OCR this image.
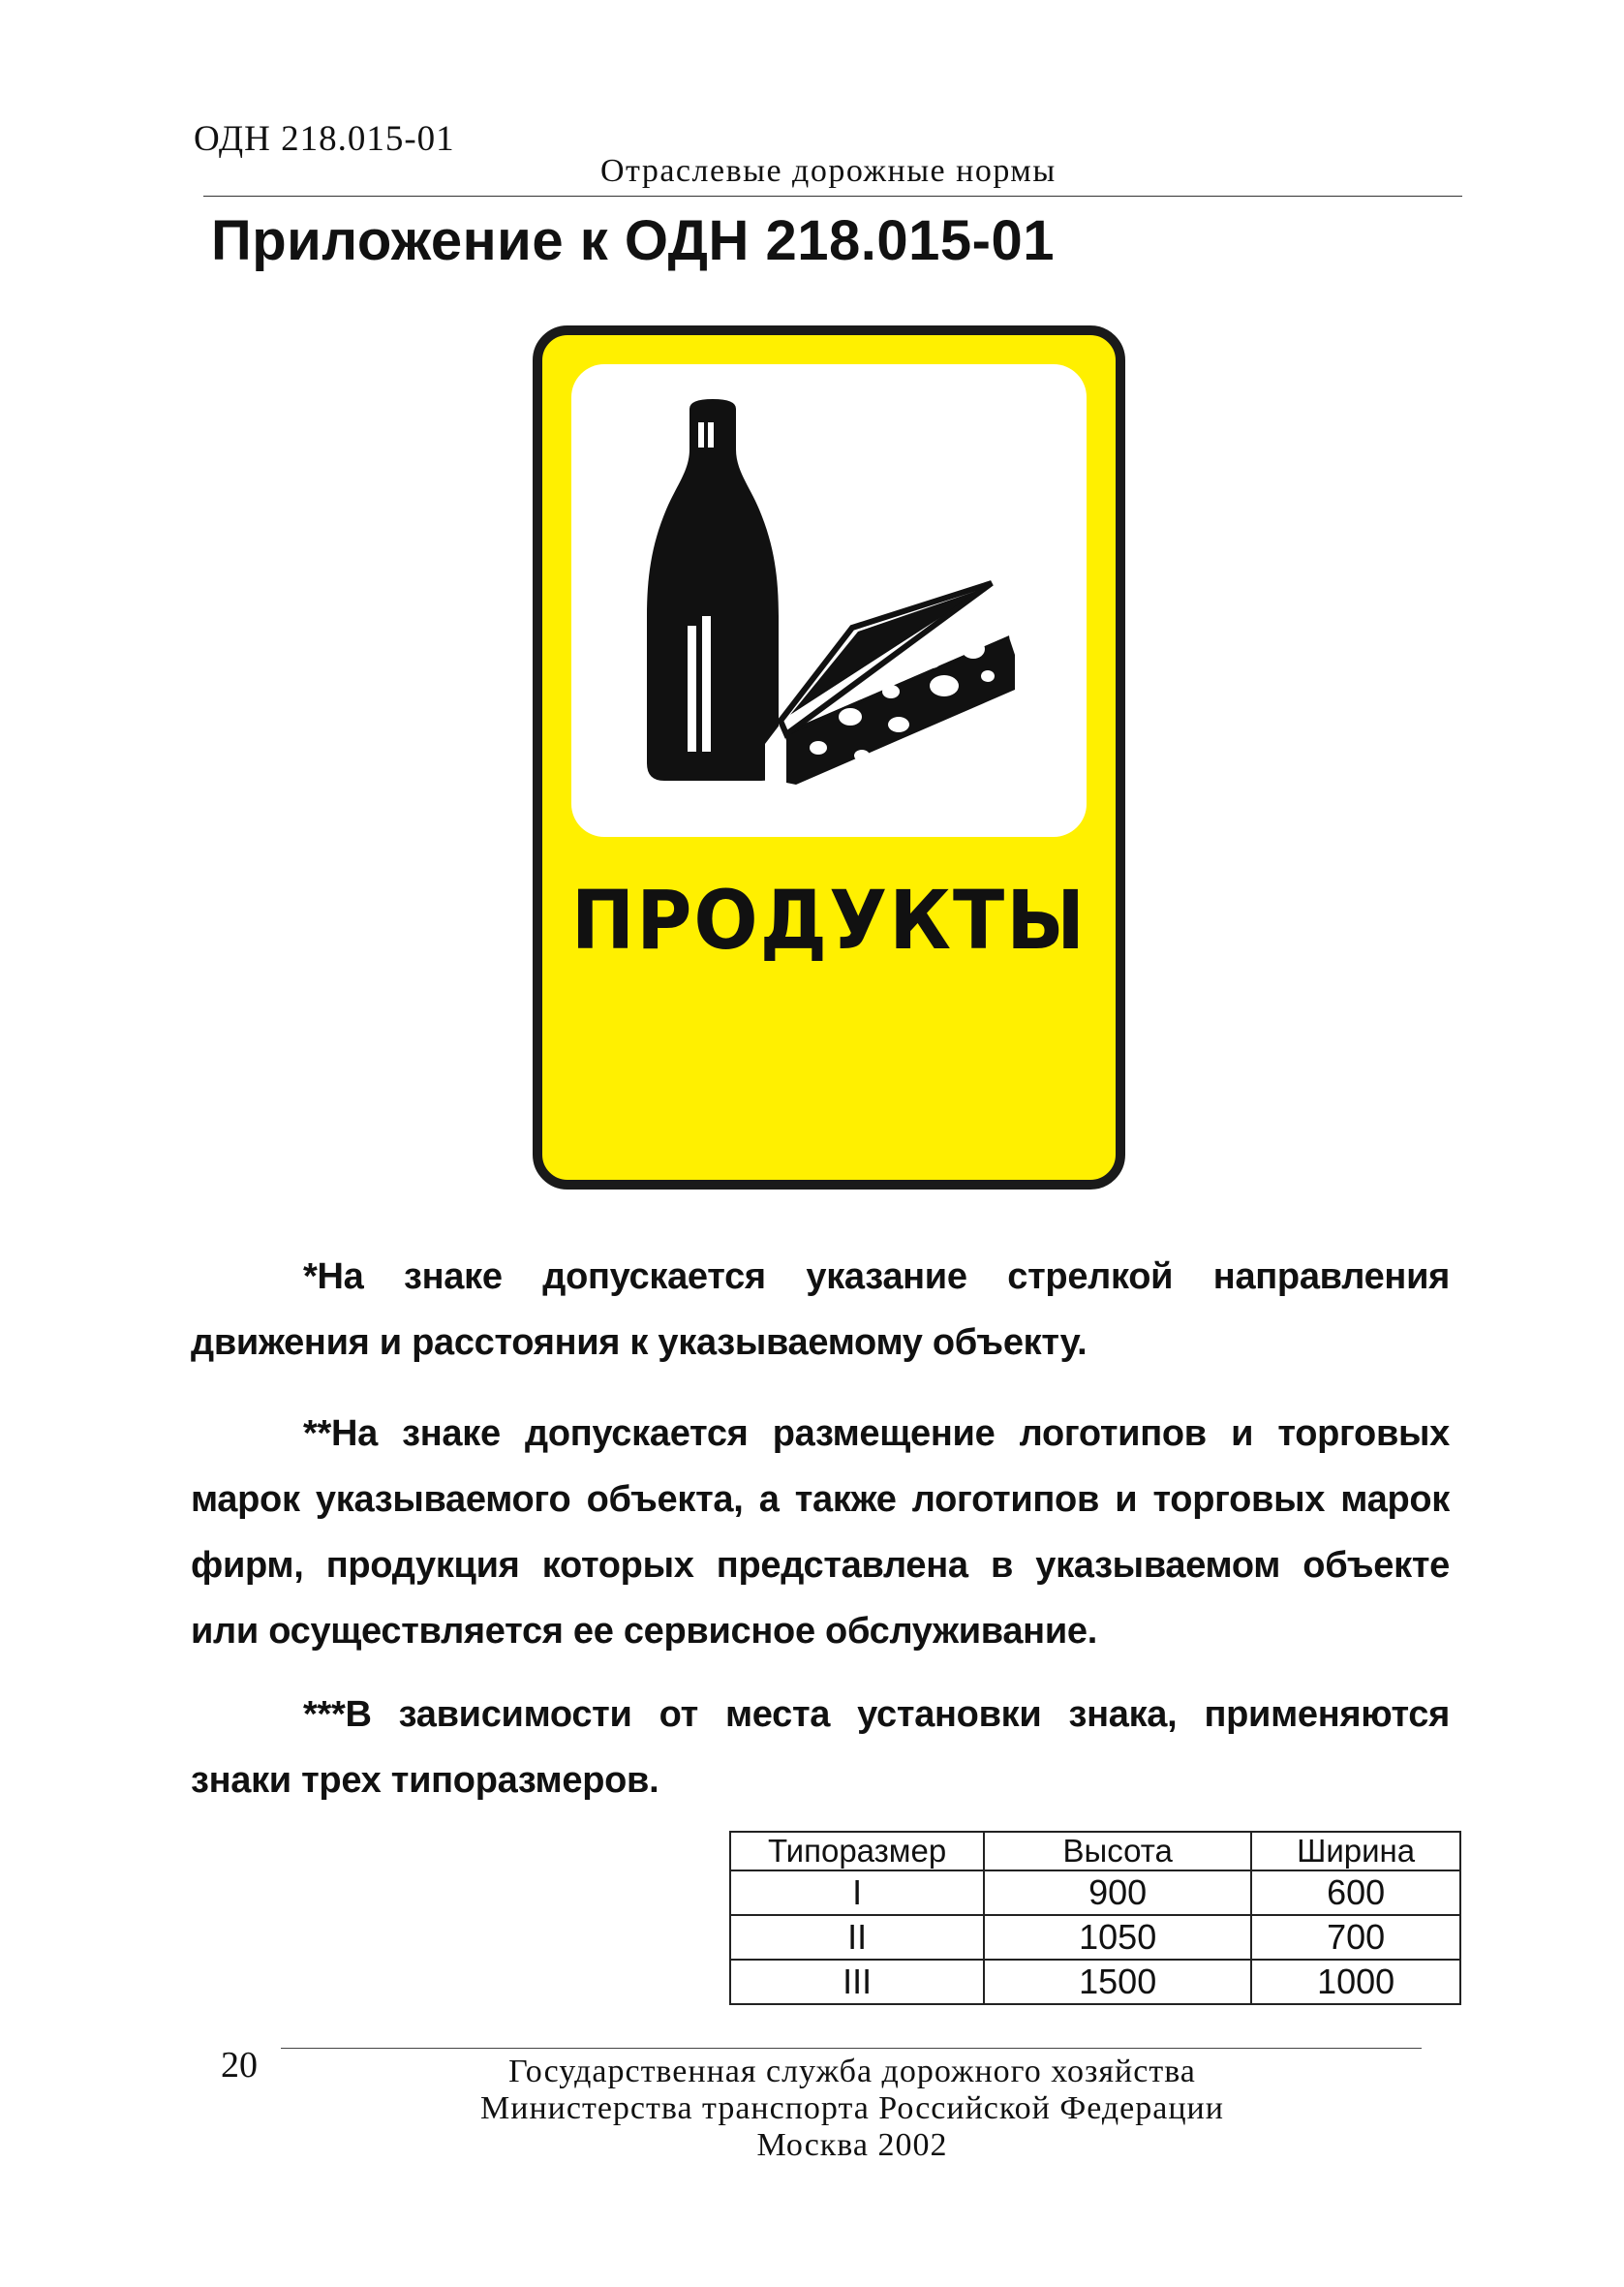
ОДН 218.015-01
Отраслевые дорожные нормы
Приложение к ОДН 218.015-01
ПРОДУКТЫ
*На знаке допускается указание стрелкой направления движения и расстояния к указываемому объекту.
**На знаке допускается размещение логотипов и торговых марок указываемого объекта, а также логотипов и торговых марок фирм, продукция которых представлена в указываемом объекте или осуществляется ее сервисное обслуживание.
***В зависимости от места установки знака, применяются знаки трех типоразмеров.
Типоразмер	Высота	Ширина
I	900	600
II	1050	700
III	1500	1000
20	Государственная служба дорожного хозяйства
Министерства транспорта Российской Федерации
Москва 2002
